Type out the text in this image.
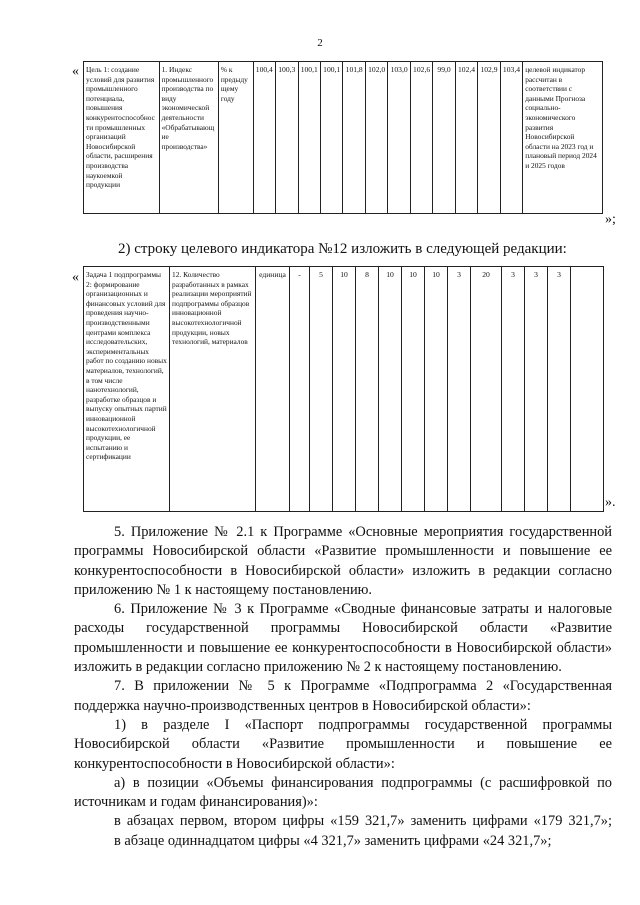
2
« Цель 1: создание условий для развития промышленного потенциала, повышения конкурентоспособности промышленных организаций Новосибирской области, расширения производства наукоемкой продукции	1. Индекс промышленного производства по виду экономической деятельности «Обрабатывающие производства»	% к предыдущему году	100,4	100,3	100,1	100,1	101,8	102,0	103,0	102,6	99,0	102,4	102,9	103,4	целевой индикатор рассчитан в соответствии с данными Прогноза социально-экономического развития Новосибирской области на 2023 год и плановый период 2024 и 2025 годов
»;
2) строку целевого индикатора №12 изложить в следующей редакции:
« Задача 1 подпрограммы 2: формирование организационных и финансовых условий для проведения научно-производственными центрами комплекса исследовательских, экспериментальных работ по созданию новых материалов, технологий, в том числе нанотехнологий, разработке образцов и выпуску опытных партий инновационной высокотехнологичной продукции, ее испытанию и сертификации	12. Количество разработанных в рамках реализации мероприятий подпрограммы образцов инновационной высокотехнологичной продукции, новых технологий, материалов	единица	-	5	10	8	10	10	10	3	20	3	3	3	
».

5. Приложение № 2.1 к Программе «Основные мероприятия государственной программы Новосибирской области «Развитие промышленности и повышение ее конкурентоспособности в Новосибирской области» изложить в редакции согласно приложению № 1 к настоящему постановлению.

6. Приложение № 3 к Программе «Сводные финансовые затраты и налоговые расходы государственной программы Новосибирской области «Развитие промышленности и повышение ее конкурентоспособности в Новосибирской области» изложить в редакции согласно приложению № 2 к настоящему постановлению.

7. В приложении № 5 к Программе «Подпрограмма 2 «Государственная поддержка научно-производственных центров в Новосибирской области»:

1) в разделе I «Паспорт подпрограммы государственной программы Новосибирской области «Развитие промышленности и повышение ее конкурентоспособности в Новосибирской области»:

а) в позиции «Объемы финансирования подпрограммы (с расшифровкой по источникам и годам финансирования)»:

в абзацах первом, втором цифры «159 321,7» заменить цифрами «179 321,7»;

в абзаце одиннадцатом цифры «4 321,7» заменить цифрами «24 321,7»;
